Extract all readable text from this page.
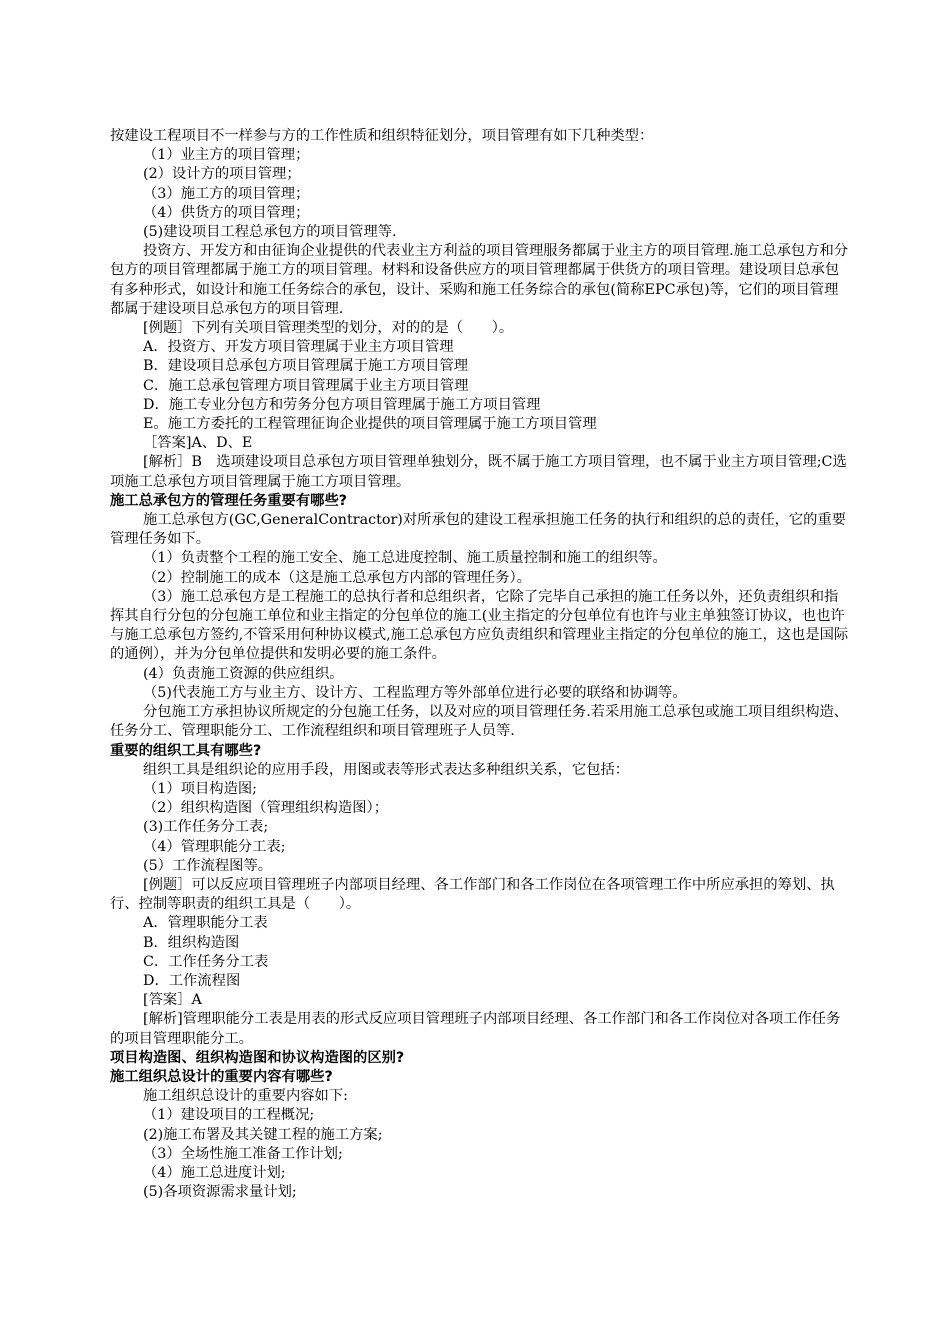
按建设工程项目不一样参与方的工作性质和组织特征划分，项目管理有如下几种类型：

（1）业主方的项目管理；

(2）设计方的项目管理；

（3）施工方的项目管理；

（4）供货方的项目管理；

(5)建设项目工程总承包方的项目管理等.

投资方、开发方和由征询企业提供的代表业主方利益的项目管理服务都属于业主方的项目管理.施工总承包方和分包方的项目管理都属于施工方的项目管理。材料和设备供应方的项目管理都属于供货方的项目管理。建设项目总承包有多种形式，如设计和施工任务综合的承包，设计、采购和施工任务综合的承包(简称EPC承包)等，它们的项目管理都属于建设项目总承包方的项目管理.

[例题］下列有关项目管理类型的划分，对的的是（　　）。

A．投资方、开发方项目管理属于业主方项目管理

B．建设项目总承包方项目管理属于施工方项目管理

C．施工总承包管理方项目管理属于业主方项目管理

D．施工专业分包方和劳务分包方项目管理属于施工方项目管理

E。施工方委托的工程管理征询企业提供的项目管理属于施工方项目管理

［答案]A、D、E

[解析］B　选项建设项目总承包方项目管理单独划分，既不属于施工方项目管理，也不属于业主方项目管理;C选项施工总承包方项目管理属于施工方项目管理。

施工总承包方的管理任务重要有哪些?

施工总承包方(GC,GeneralContractor)对所承包的建设工程承担施工任务的执行和组织的总的责任，它的重要管理任务如下。

（1）负责整个工程的施工安全、施工总进度控制、施工质量控制和施工的组织等。

（2）控制施工的成本（这是施工总承包方内部的管理任务）。

（3）施工总承包方是工程施工的总执行者和总组织者，它除了完毕自己承担的施工任务以外，还负责组织和指挥其自行分包的分包施工单位和业主指定的分包单位的施工(业主指定的分包单位有也许与业主单独签订协议，也也许与施工总承包方签约,不管采用何种协议模式,施工总承包方应负责组织和管理业主指定的分包单位的施工，这也是国际的通例），并为分包单位提供和发明必要的施工条件。

(4）负责施工资源的供应组织。

（5)代表施工方与业主方、设计方、工程监理方等外部单位进行必要的联络和协调等。

分包施工方承担协议所规定的分包施工任务，以及对应的项目管理任务.若采用施工总承包或施工项目组织构造、任务分工、管理职能分工、工作流程组织和项目管理班子人员等.

重要的组织工具有哪些?

组织工具是组织论的应用手段，用图或表等形式表达多种组织关系，它包括：

（1）项目构造图;

（2）组织构造图（管理组织构造图）；

(3)工作任务分工表;

（4）管理职能分工表;

(5）工作流程图等。

[例题］可以反应项目管理班子内部项目经理、各工作部门和各工作岗位在各项管理工作中所应承担的筹划、执行、控制等职责的组织工具是（　　）。

A．管理职能分工表

B．组织构造图

C．工作任务分工表

D．工作流程图

[答案］A

[解析]管理职能分工表是用表的形式反应项目管理班子内部项目经理、各工作部门和各工作岗位对各项工作任务的项目管理职能分工。

项目构造图、组织构造图和协议构造图的区别?

施工组织总设计的重要内容有哪些?

施工组织总设计的重要内容如下:

（1）建设项目的工程概况;

(2)施工布署及其关键工程的施工方案;

（3）全场性施工准备工作计划;

（4）施工总进度计划;

(5)各项资源需求量计划;
